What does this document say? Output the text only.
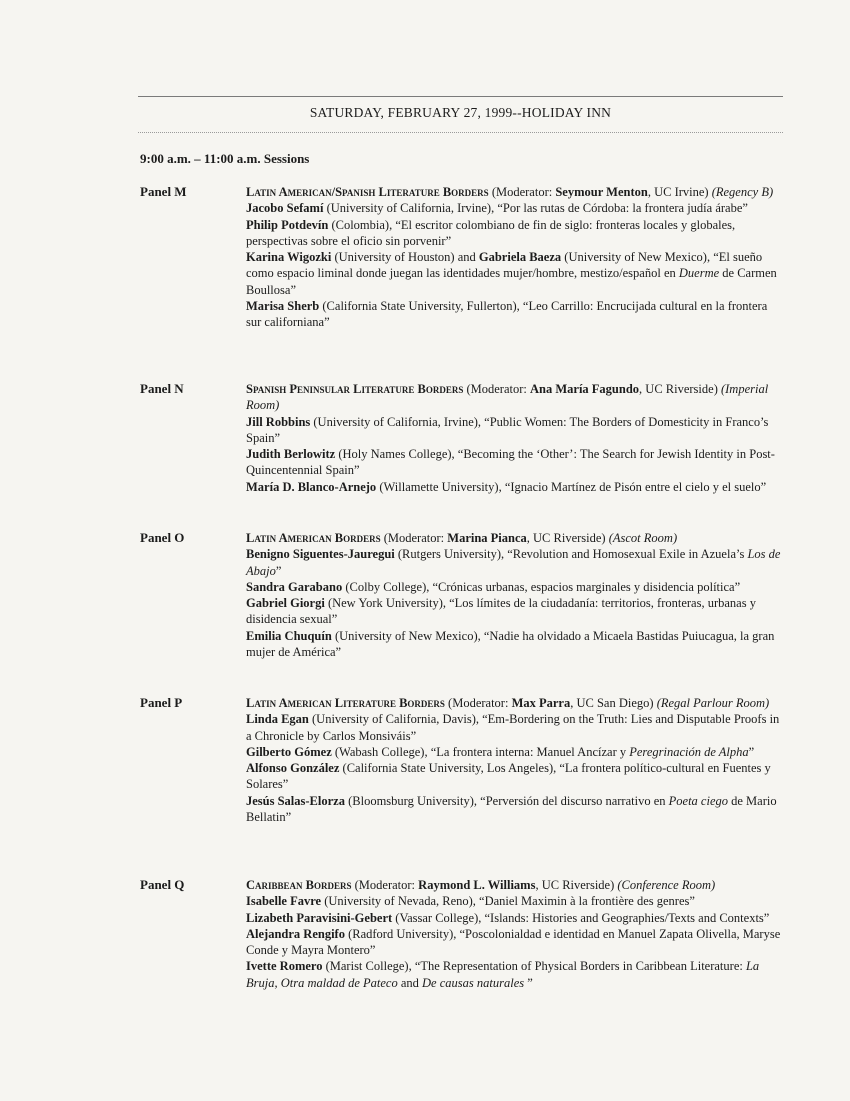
SATURDAY, FEBRUARY 27, 1999--HOLIDAY INN
9:00 a.m. – 11:00 a.m. Sessions
Panel M	Latin American/Spanish Literature Borders (Moderator: Seymour Menton, UC Irvine) (Regency B)

Jacobo Sefamí (University of California, Irvine), “Por las rutas de Córdoba: la frontera judía árabe”

Philip Potdevín (Colombia), “El escritor colombiano de fin de siglo: fronteras locales y globales, perspectivas sobre el oficio sin porvenir”

Karina Wigozki (University of Houston) and Gabriela Baeza (University of New Mexico), “El sueño como espacio liminal donde juegan las identidades mujer/hombre, mestizo/español en Duerme de Carmen Boullosa”

Marisa Sherb (California State University, Fullerton), “Leo Carrillo: Encrucijada cultural en la frontera sur californiana”

Panel N	Spanish Peninsular Literature Borders (Moderator: Ana María Fagundo, UC Riverside) (Imperial Room)

Jill Robbins (University of California, Irvine), “Public Women: The Borders of Domesticity in Franco’s Spain”

Judith Berlowitz (Holy Names College), “Becoming the ‘Other’: The Search for Jewish Identity in Post-Quincentennial Spain”

María D. Blanco-Arnejo (Willamette University), “Ignacio Martínez de Pisón entre el cielo y el suelo”

Panel O	Latin American Borders (Moderator: Marina Pianca, UC Riverside) (Ascot Room)

Benigno Siguentes-Jauregui (Rutgers University), “Revolution and Homosexual Exile in Azuela’s Los de Abajo”

Sandra Garabano (Colby College), “Crónicas urbanas, espacios marginales y disidencia política”

Gabriel Giorgi (New York University), “Los límites de la ciudadanía: territorios, fronteras, urbanas y disidencia sexual”

Emilia Chuquín (University of New Mexico), “Nadie ha olvidado a Micaela Bastidas Puiucagua, la gran mujer de América”

Panel P	Latin American Literature Borders (Moderator: Max Parra, UC San Diego) (Regal Parlour Room)

Linda Egan (University of California, Davis), “Em-Bordering on the Truth: Lies and Disputable Proofs in a Chronicle by Carlos Monsiváis”

Gilberto Gómez (Wabash College), “La frontera interna: Manuel Ancízar y Peregrinación de Alpha”

Alfonso González (California State University, Los Angeles), “La frontera político-cultural en Fuentes y Solares”

Jesús Salas-Elorza (Bloomsburg University), “Perversión del discurso narrativo en Poeta ciego de Mario Bellatin”

Panel Q	Caribbean Borders (Moderator: Raymond L. Williams, UC Riverside) (Conference Room)

Isabelle Favre (University of Nevada, Reno), “Daniel Maximin à la frontière des genres”

Lizabeth Paravisini-Gebert (Vassar College), “Islands: Histories and Geographies/Texts and Contexts”

Alejandra Rengifo (Radford University), “Poscolonialdad e identidad en Manuel Zapata Olivella, Maryse Conde y Mayra Montero”

Ivette Romero (Marist College), “The Representation of Physical Borders in Caribbean Literature: La Bruja, Otra maldad de Pateco and De causas naturales ”
